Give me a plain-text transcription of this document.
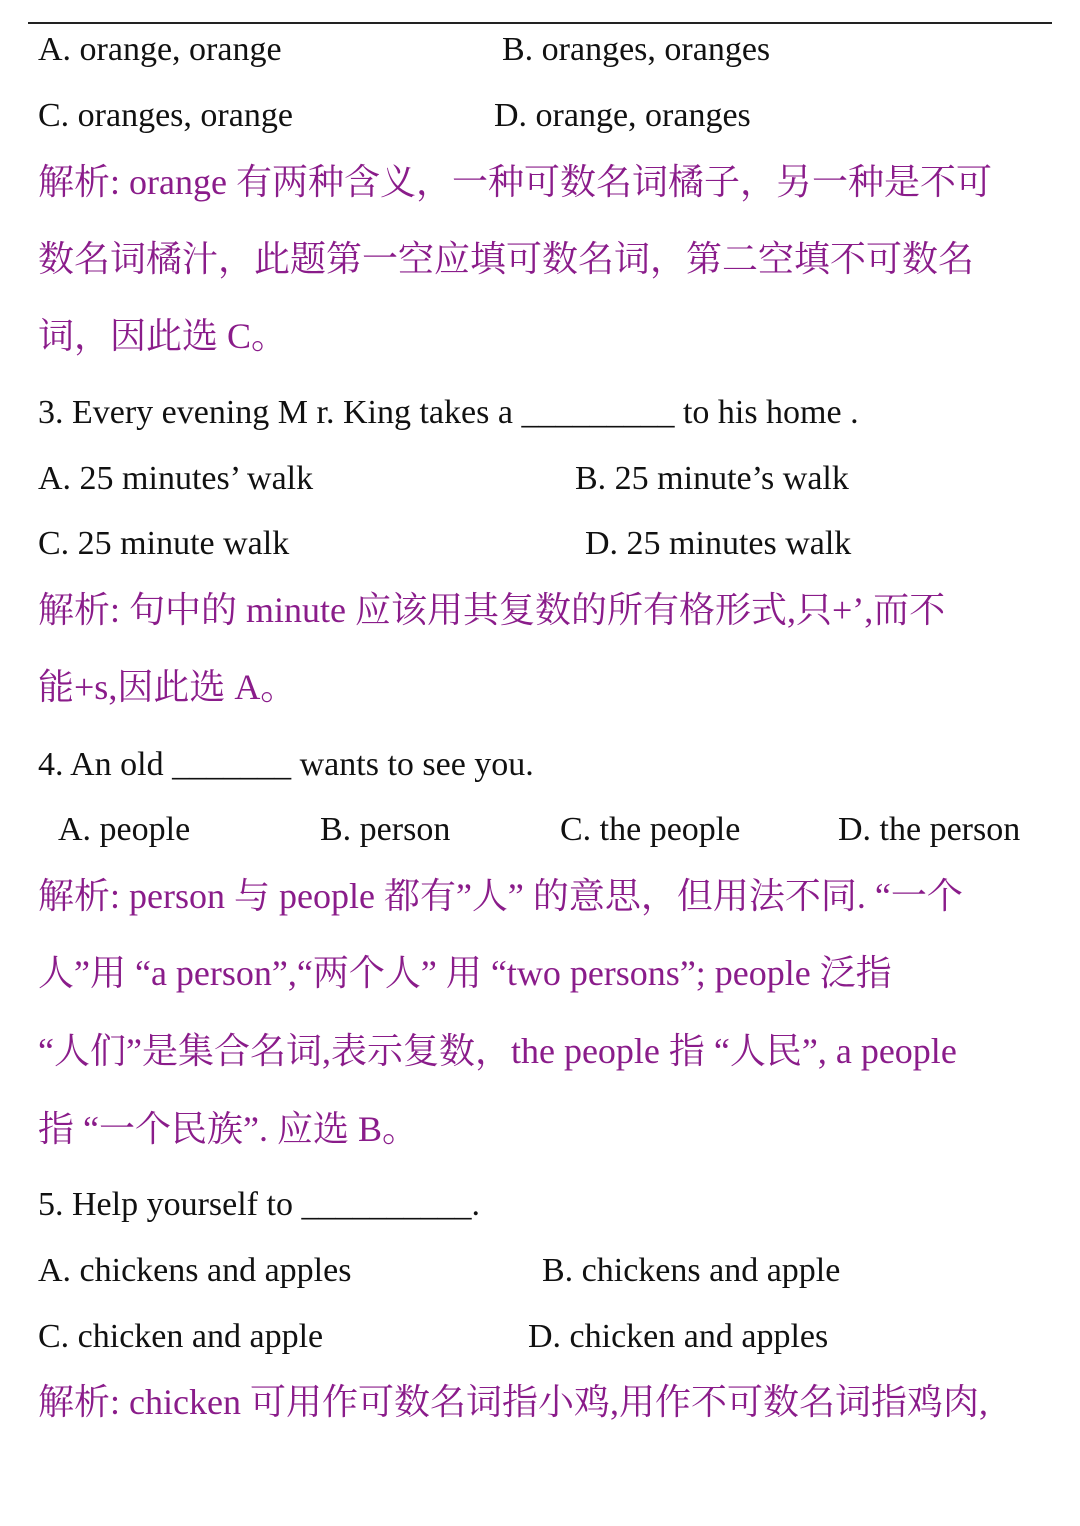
A. orange, orange	B. oranges, oranges
C. oranges, orange	D. orange, oranges
解析: orange 有两种含义，一种可数名词橘子，另一种是不可
数名词橘汁，此题第一空应填可数名词，第二空填不可数名
词，因此选 C。
3. Every evening M r. King takes a _________ to his home .
A. 25 minutes’ walk	B. 25 minute’s walk
C. 25 minute walk	D. 25 minutes walk
解析: 句中的 minute 应该用其复数的所有格形式,只+’,而不
能+s,因此选 A。
4. An old _______ wants to see you.
A. people	B. person	C. the people	D. the person
解析: person 与 people 都有”人” 的意思，但用法不同. “一个
人”用 “a person”,“两个人” 用 “two persons”; people 泛指
“人们”是集合名词,表示复数，the people 指 “人民”, a people
指 “一个民族”. 应选 B。
5. Help yourself to __________.
A. chickens and apples	B. chickens and apple
C. chicken and apple	D. chicken and apples
解析: chicken 可用作可数名词指小鸡,用作不可数名词指鸡肉,
